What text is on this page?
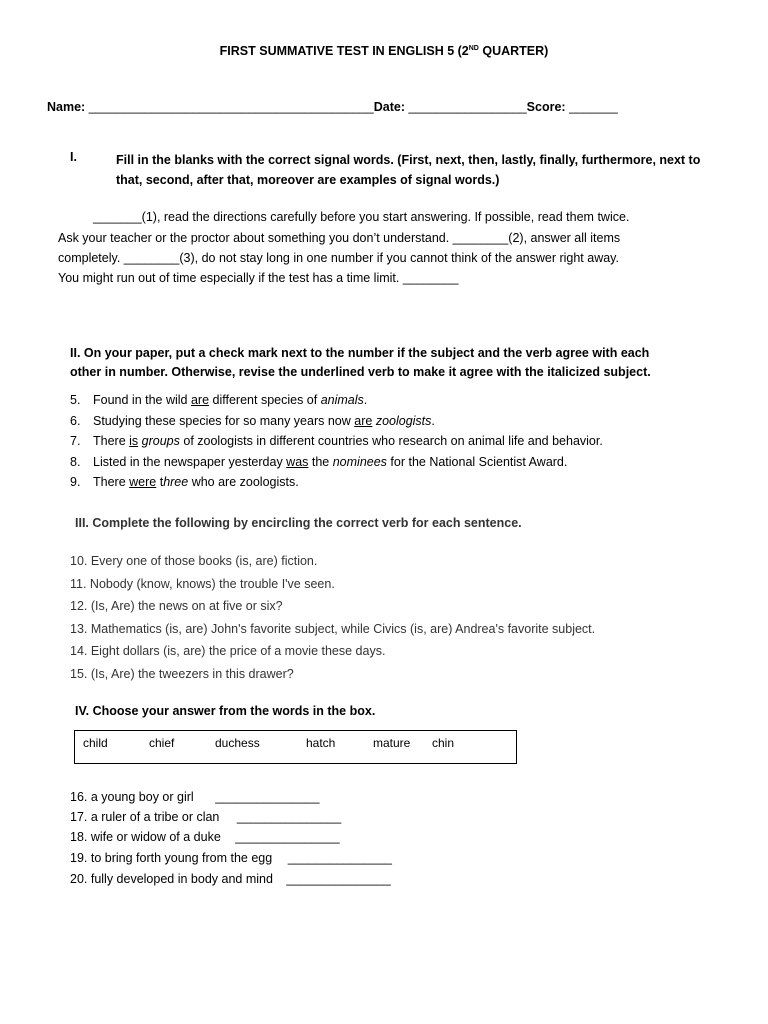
FIRST SUMMATIVE TEST IN ENGLISH 5 (2ND QUARTER)
Name: _________________________________________Date: _________________Score: _______
I.	Fill in the blanks with the correct signal words. (First, next, then, lastly, finally, furthermore, next to that, second, after that, moreover are examples of signal words.)
_______(1), read the directions carefully before you start answering. If possible, read them twice.
Ask your teacher or the proctor about something you don’t understand. ________(2), answer all items
completely. ________(3), do not stay long in one number if you cannot think of the answer right away.
You might run out of time especially if the test has a time limit. ________
II. On your paper, put a check mark next to the number if the subject and the verb agree with each
other in number. Otherwise, revise the underlined verb to make it agree with the italicized subject.
5. Found in the wild are different species of animals.
6. Studying these species for so many years now are zoologists.
7. There is groups of zoologists in different countries who research on animal life and behavior.
8. Listed in the newspaper yesterday was the nominees for the National Scientist Award.
9. There were three who are zoologists.
III. Complete the following by encircling the correct verb for each sentence.
10. Every one of those books (is, are) fiction.
11. Nobody (know, knows) the trouble I've seen.
12. (Is, Are) the news on at five or six?
13. Mathematics (is, are) John's favorite subject, while Civics (is, are) Andrea's favorite subject.
14. Eight dollars (is, are) the price of a movie these days.
15. (Is, Are) the tweezers in this drawer?
IV. Choose your answer from the words in the box.
child	chief	duchess	hatch	mature chin
16. a young boy or girl _______________
17. a ruler of a tribe or clan _______________
18. wife or widow of a duke _______________
19. to bring forth young from the egg _______________
20. fully developed in body and mind _______________
